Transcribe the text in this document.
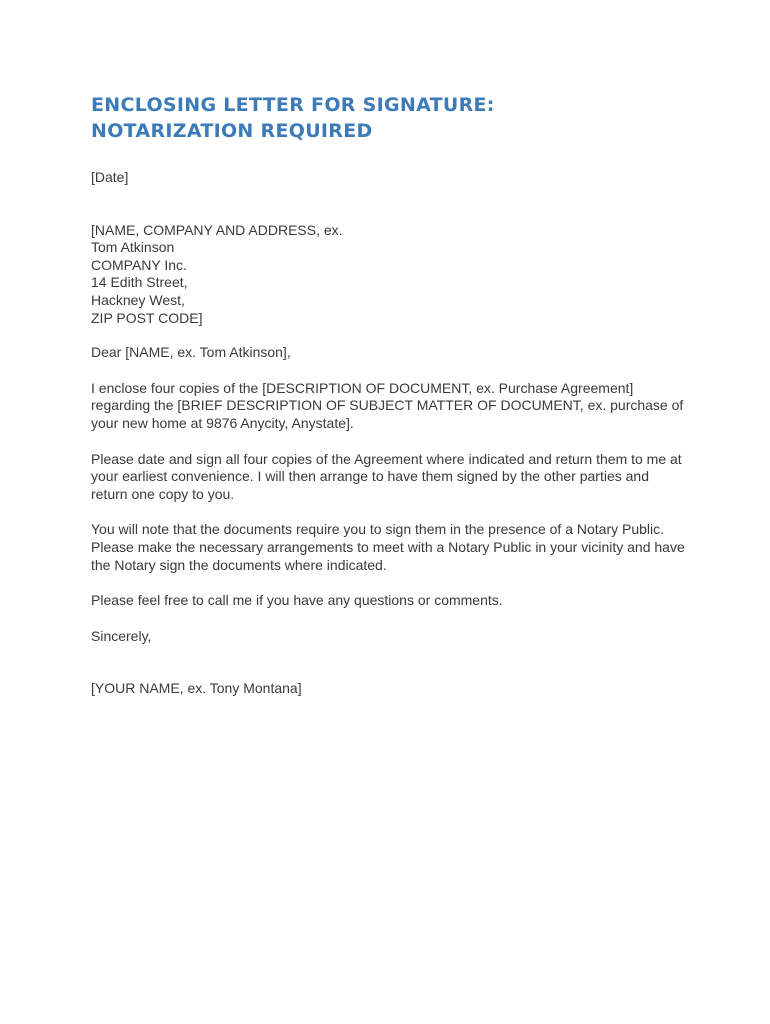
ENCLOSING LETTER FOR SIGNATURE:
NOTARIZATION REQUIRED
[Date]
[NAME, COMPANY AND ADDRESS, ex.
Tom Atkinson
COMPANY Inc.
14 Edith Street,
Hackney West,
ZIP POST CODE]
Dear [NAME, ex. Tom Atkinson],
I enclose four copies of the [DESCRIPTION OF DOCUMENT, ex. Purchase Agreement]
regarding the [BRIEF DESCRIPTION OF SUBJECT MATTER OF DOCUMENT, ex. purchase of
your new home at 9876 Anycity, Anystate].
Please date and sign all four copies of the Agreement where indicated and return them to me at
your earliest convenience. I will then arrange to have them signed by the other parties and
return one copy to you.
You will note that the documents require you to sign them in the presence of a Notary Public.
Please make the necessary arrangements to meet with a Notary Public in your vicinity and have
the Notary sign the documents where indicated.
Please feel free to call me if you have any questions or comments.
Sincerely,
[YOUR NAME, ex. Tony Montana]
